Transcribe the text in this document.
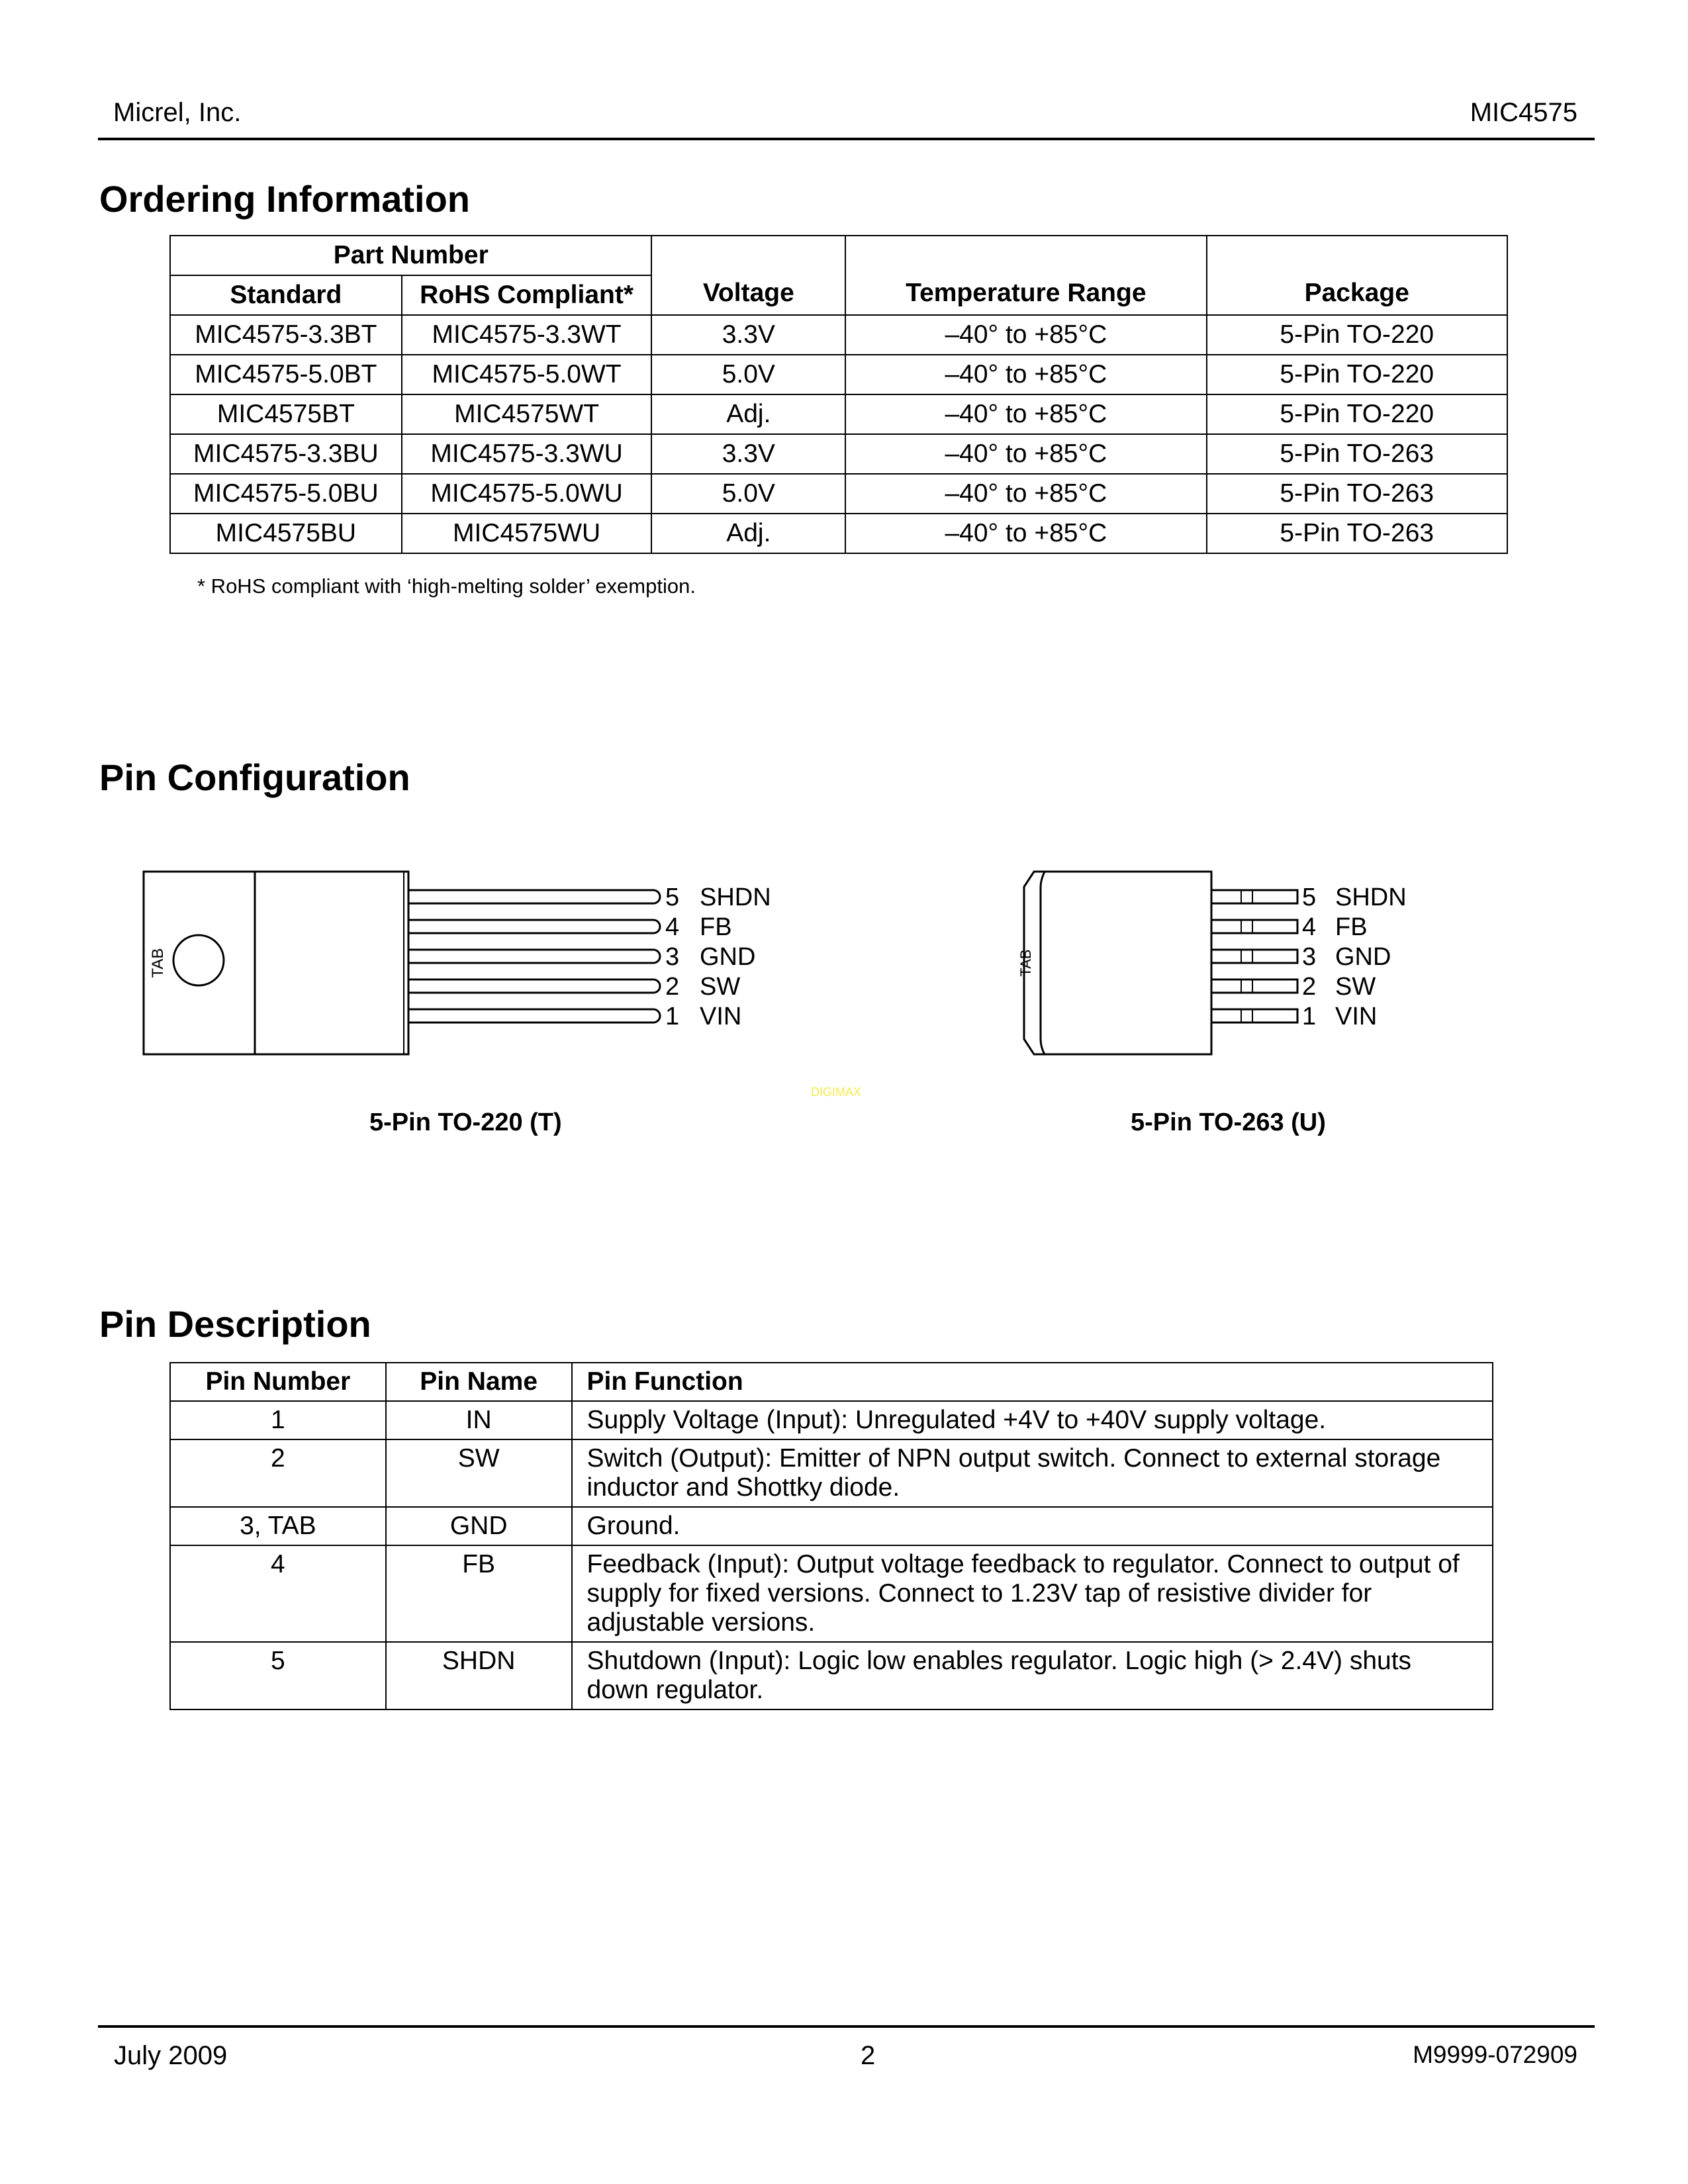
Micrel, Inc.	MIC4575
Ordering Information
Part Number		Voltage	Temperature Range	Package
Standard	RoHS Compliant*			
MIC4575-3.3BT	MIC4575-3.3WT	3.3V	–40° to +85°C	5-Pin TO-220
MIC4575-5.0BT	MIC4575-5.0WT	5.0V	–40° to +85°C	5-Pin TO-220
MIC4575BT	MIC4575WT	Adj.	–40° to +85°C	5-Pin TO-220
MIC4575-3.3BU	MIC4575-3.3WU	3.3V	–40° to +85°C	5-Pin TO-263
MIC4575-5.0BU	MIC4575-5.0WU	5.0V	–40° to +85°C	5-Pin TO-263
MIC4575BU	MIC4575WU	Adj.	–40° to +85°C	5-Pin TO-263
* RoHS compliant with ‘high-melting solder’ exemption.
Pin Configuration
TAB
5 SHDN
4 FB
3 GND
2 SW
1 VIN
TAB
5 SHDN
4 FB
3 GND
2 SW
1 VIN
DIGIMAX
5-Pin TO-220 (T)	5-Pin TO-263 (U)
Pin Description
Pin Number	Pin Name	Pin Function
1	IN	Supply Voltage (Input): Unregulated +4V to +40V supply voltage.
2	SW	Switch (Output): Emitter of NPN output switch. Connect to external storage inductor and Shottky diode.
3, TAB	GND	Ground.
4	FB	Feedback (Input): Output voltage feedback to regulator. Connect to output of supply for fixed versions. Connect to 1.23V tap of resistive divider for adjustable versions.
5	SHDN	Shutdown (Input): Logic low enables regulator. Logic high (> 2.4V) shuts down regulator.
July 2009	2	M9999-072909
